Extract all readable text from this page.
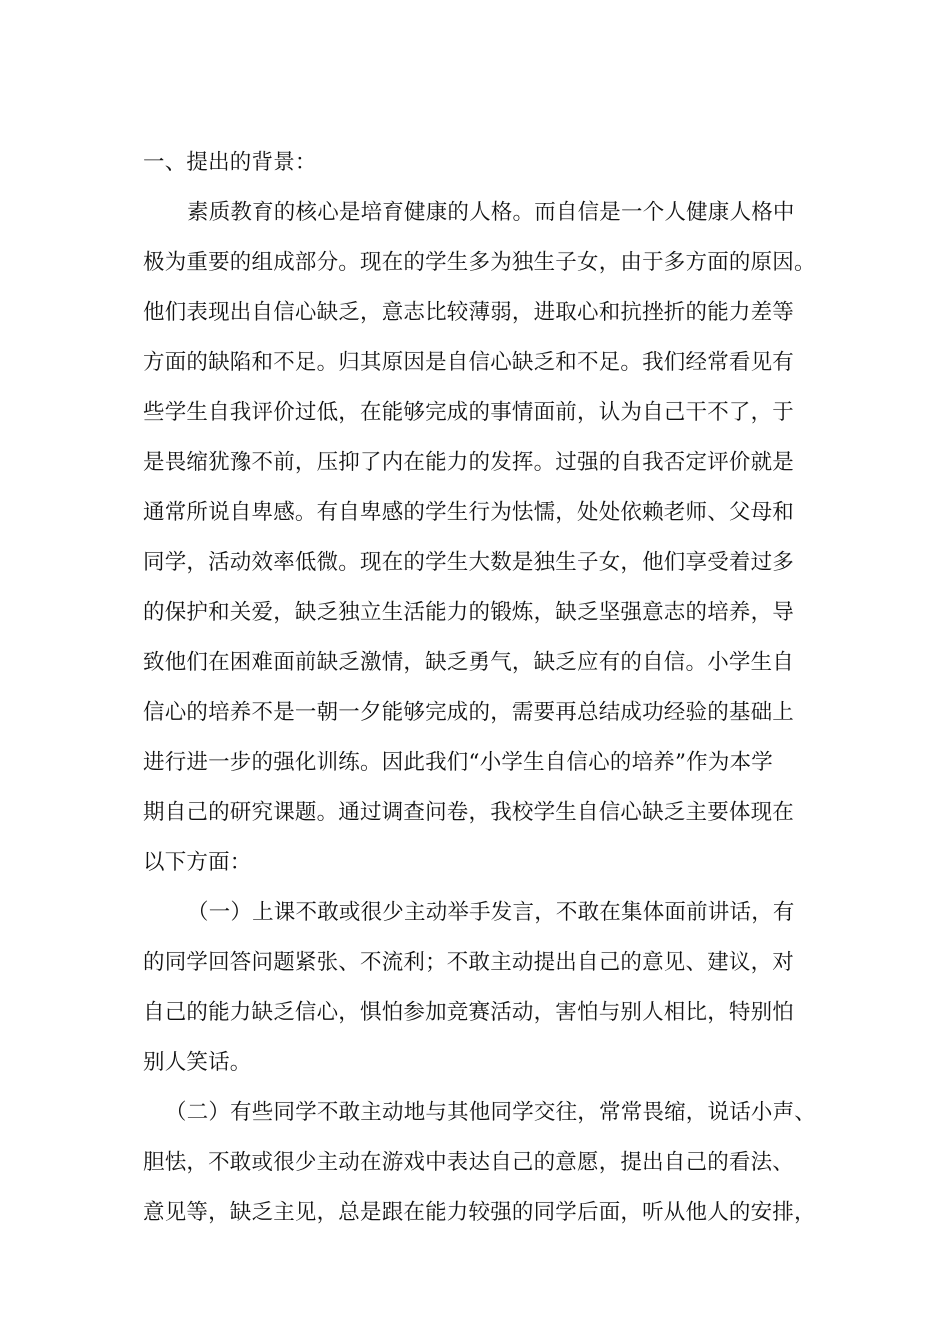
一、提出的背景：
素质教育的核心是培育健康的人格。而自信是一个人健康人格中
极为重要的组成部分。现在的学生多为独生子女，由于多方面的原因。
他们表现出自信心缺乏，意志比较薄弱，进取心和抗挫折的能力差等
方面的缺陷和不足。归其原因是自信心缺乏和不足。我们经常看见有
些学生自我评价过低，在能够完成的事情面前，认为自己干不了，于
是畏缩犹豫不前，压抑了内在能力的发挥。过强的自我否定评价就是
通常所说自卑感。有自卑感的学生行为怯懦，处处依赖老师、父母和
同学，活动效率低微。现在的学生大数是独生子女，他们享受着过多
的保护和关爱，缺乏独立生活能力的锻炼，缺乏坚强意志的培养，导
致他们在困难面前缺乏激情，缺乏勇气，缺乏应有的自信。小学生自
信心的培养不是一朝一夕能够完成的，需要再总结成功经验的基础上
进行进一步的强化训练。因此我们“小学生自信心的培养”作为本学
期自己的研究课题。通过调查问卷，我校学生自信心缺乏主要体现在
以下方面：
（一）上课不敢或很少主动举手发言，不敢在集体面前讲话，有
的同学回答问题紧张、不流利；不敢主动提出自己的意见、建议，对
自己的能力缺乏信心，惧怕参加竞赛活动，害怕与别人相比，特别怕
别人笑话。
（二）有些同学不敢主动地与其他同学交往，常常畏缩，说话小声、
胆怯，不敢或很少主动在游戏中表达自己的意愿，提出自己的看法、
意见等，缺乏主见，总是跟在能力较强的同学后面，听从他人的安排，
